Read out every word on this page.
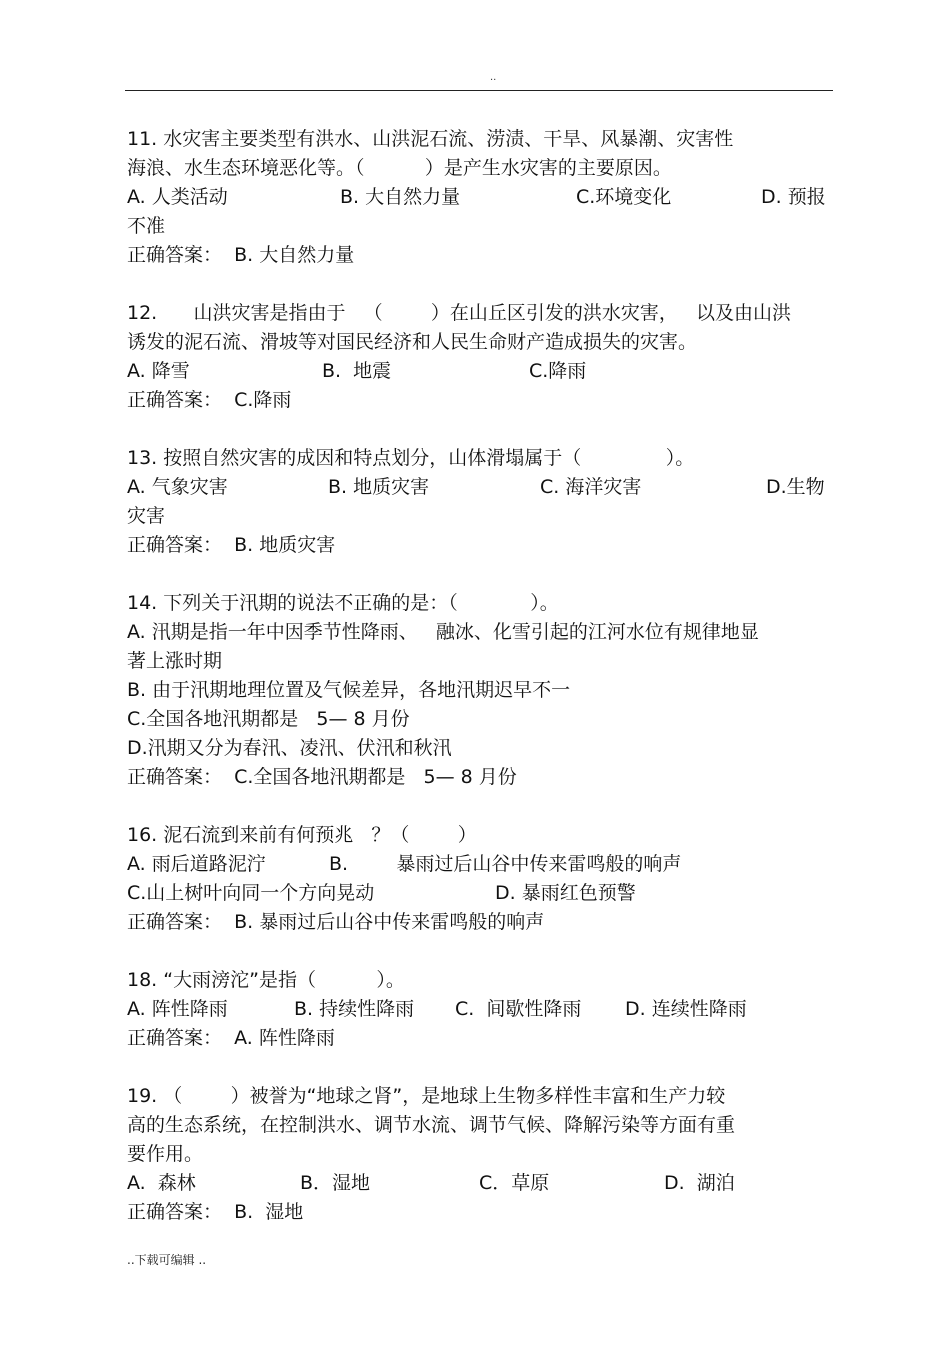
..

11. 水灾害主要类型有洪水、山洪泥石流、涝渍、干旱、风暴潮、灾害性

海浪、水生态环境恶化等。（          ）是产生水灾害的主要原因。

A. 人类活动	B. 大自然力量	C.环境变化	D. 预报

不准

正确答案：  B. 大自然力量

12.      山洪灾害是指由于   （        ）在山丘区引发的洪水灾害，   以及由山洪

诱发的泥石流、滑坡等对国民经济和人民生命财产造成损失的灾害。

A. 降雪	B.  地震	C.降雨

正确答案：  C.降雨

13. 按照自然灾害的成因和特点划分，山体滑塌属于（              ）。

A. 气象灾害	B. 地质灾害	C. 海洋灾害	D.生物

灾害

正确答案：  B. 地质灾害

14. 下列关于汛期的说法不正确的是：（            ）。

A. 汛期是指一年中因季节性降雨、   融冰、化雪引起的江河水位有规律地显

著上涨时期

B. 由于汛期地理位置及气候差异，各地汛期迟早不一

C.全国各地汛期都是   5— 8 月份

D.汛期又分为春汛、凌汛、伏汛和秋汛

正确答案：  C.全国各地汛期都是   5— 8 月份

16. 泥石流到来前有何预兆   ？（        ）

A. 雨后道路泥泞	B.        暴雨过后山谷中传来雷鸣般的响声
C.山上树叶向同一个方向晃动	D. 暴雨红色预警

正确答案：  B. 暴雨过后山谷中传来雷鸣般的响声

18. “大雨滂沱”是指（          ）。

A. 阵性降雨	B. 持续性降雨	C.  间歇性降雨	D. 连续性降雨

正确答案：  A. 阵性降雨

19. （        ）被誉为“地球之肾”，是地球上生物多样性丰富和生产力较

高的生态系统，在控制洪水、调节水流、调节气候、降解污染等方面有重

要作用。

A.  森林	B．湿地	C．草原	D.  湖泊

正确答案：  B.  湿地

..下载可编辑 ..
